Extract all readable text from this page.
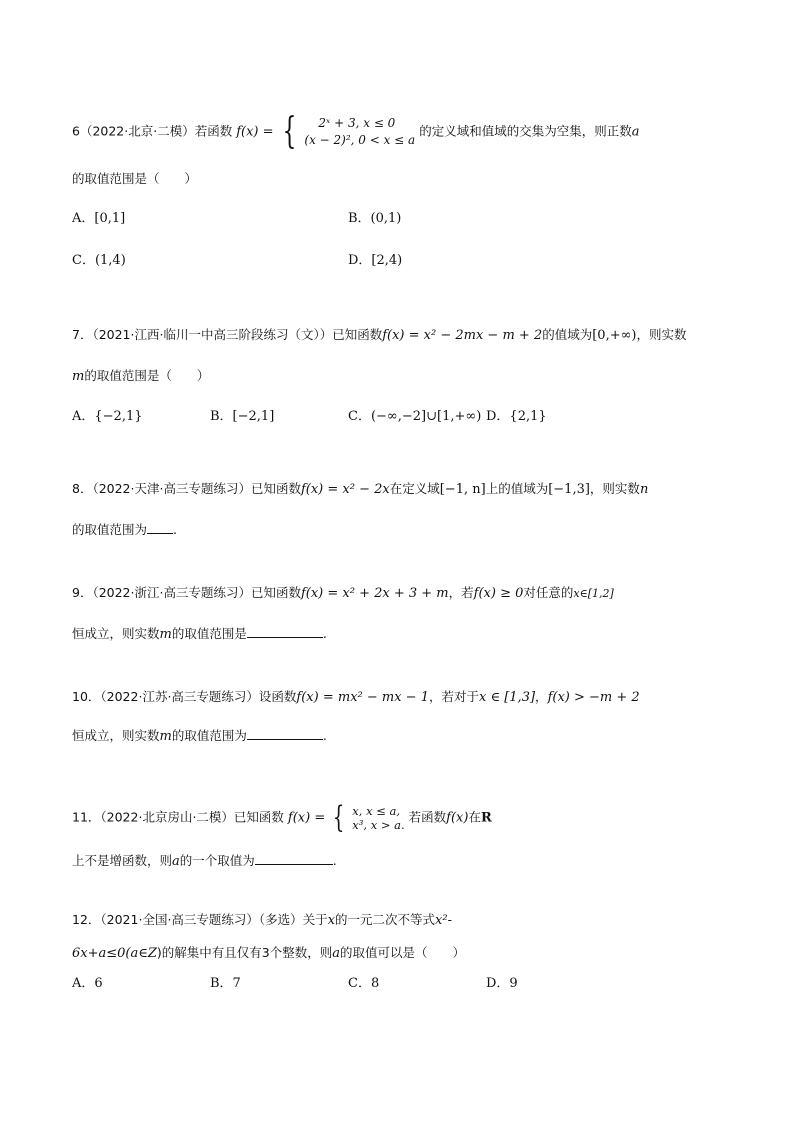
6（2022·北京·二模）若函数 f(x) = {	2ˣ + 3, x ≤ 0
(x − 2)², 0 < x ≤ a
的定义域和值域的交集为空集，则正数a
的取值范围是（　　）
A．[0,1]	B．(0,1)
C．(1,4)	D．[2,4)
7．（2021·江西·临川一中高三阶段练习（文））已知函数f(x) = x² − 2mx − m + 2的值域为[0,+∞)，则实数
m的取值范围是（　　）
A．{−2,1}	B．[−2,1]	C．(−∞,−2]∪[1,+∞) D．{2,1}
8．（2022·天津·高三专题练习）已知函数f(x) = x² − 2x在定义域[−1, n]上的值域为[−1,3]，则实数n
的取值范围为 .
9．（2022·浙江·高三专题练习）已知函数f(x) = x² + 2x + 3 + m，若f(x) ≥ 0对任意的x∈[1,2]
恒成立，则实数m的取值范围是	.
10．（2022·江苏·高三专题练习）设函数f(x) = mx² − mx − 1，若对于x ∈ [1,3]，f(x) > −m + 2
恒成立，则实数m的取值范围为	.
11．（2022·北京房山·二模）已知函数 f(x) = { x, x ≤ a,
x³, x > a.
若函数f(x)在R
上不是增函数，则a的一个取值为	.
12．（2021·全国·高三专题练习）（多选）关于x的一元二次不等式x²-
6x+a≤0(a∈Z)的解集中有且仅有3个整数，则a的取值可以是（　　）
A．6	B．7	C．8	D．9
